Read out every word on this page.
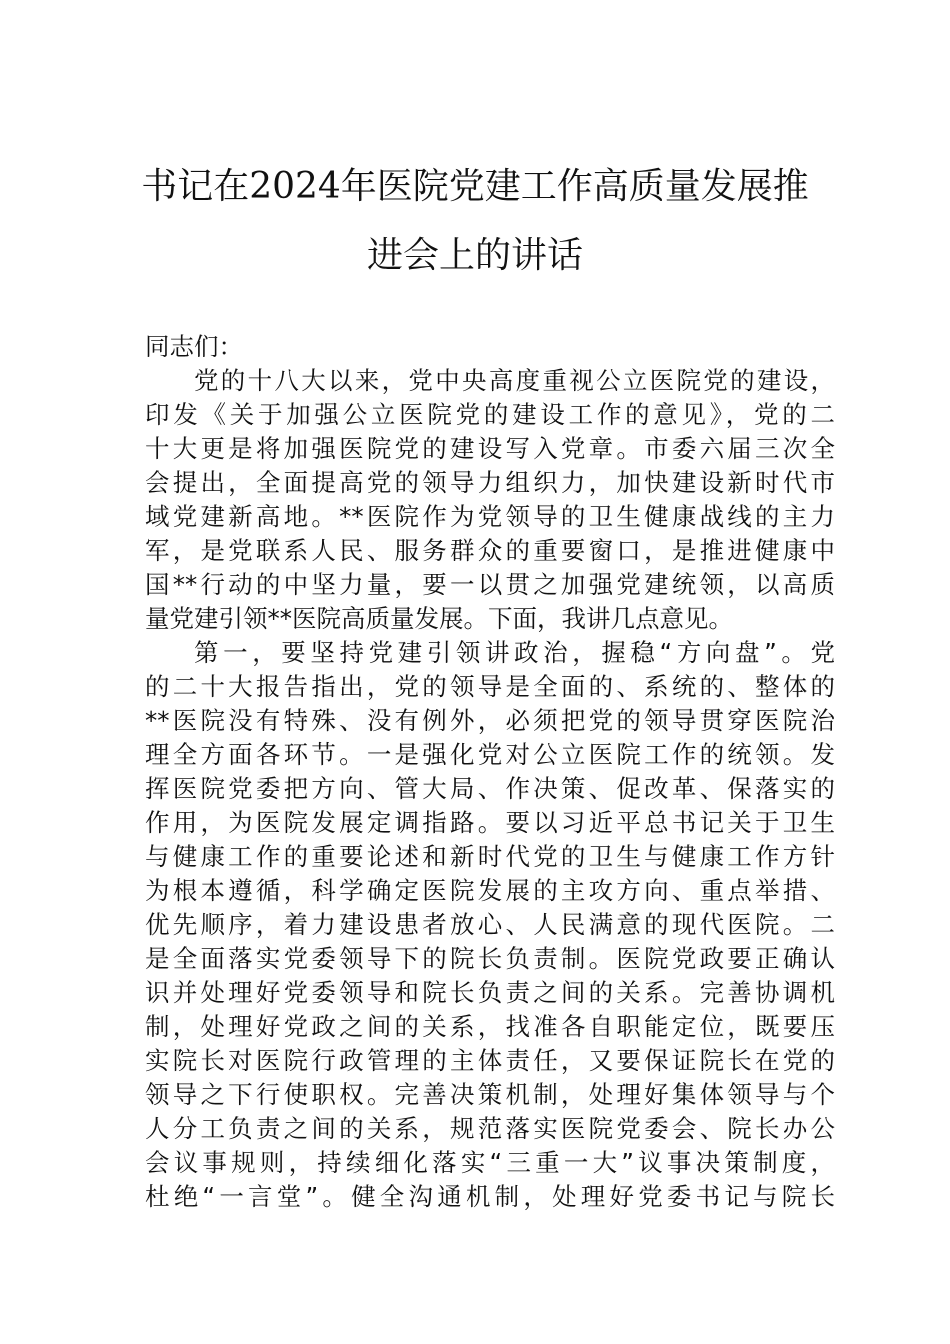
书记在2024年医院党建工作高质量发展推
进会上的讲话
同志们：
党的十八大以来，党中央高度重视公立医院党的建设，
印发《关于加强公立医院党的建设工作的意见》，党的二
十大更是将加强医院党的建设写入党章。市委六届三次全
会提出，全面提高党的领导力组织力，加快建设新时代市
域党建新高地。**医院作为党领导的卫生健康战线的主力
军，是党联系人民、服务群众的重要窗口，是推进健康中
国**行动的中坚力量，要一以贯之加强党建统领，以高质
量党建引领**医院高质量发展。下面，我讲几点意见。
第一，要坚持党建引领讲政治，握稳“方向盘”。党
的二十大报告指出，党的领导是全面的、系统的、整体的
**医院没有特殊、没有例外，必须把党的领导贯穿医院治
理全方面各环节。一是强化党对公立医院工作的统领。发
挥医院党委把方向、管大局、作决策、促改革、保落实的
作用，为医院发展定调指路。要以习近平总书记关于卫生
与健康工作的重要论述和新时代党的卫生与健康工作方针
为根本遵循，科学确定医院发展的主攻方向、重点举措、
优先顺序，着力建设患者放心、人民满意的现代医院。二
是全面落实党委领导下的院长负责制。医院党政要正确认
识并处理好党委领导和院长负责之间的关系。完善协调机
制，处理好党政之间的关系，找准各自职能定位，既要压
实院长对医院行政管理的主体责任，又要保证院长在党的
领导之下行使职权。完善决策机制，处理好集体领导与个
人分工负责之间的关系，规范落实医院党委会、院长办公
会议事规则，持续细化落实“三重一大”议事决策制度，
杜绝“一言堂”。健全沟通机制，处理好党委书记与院长
